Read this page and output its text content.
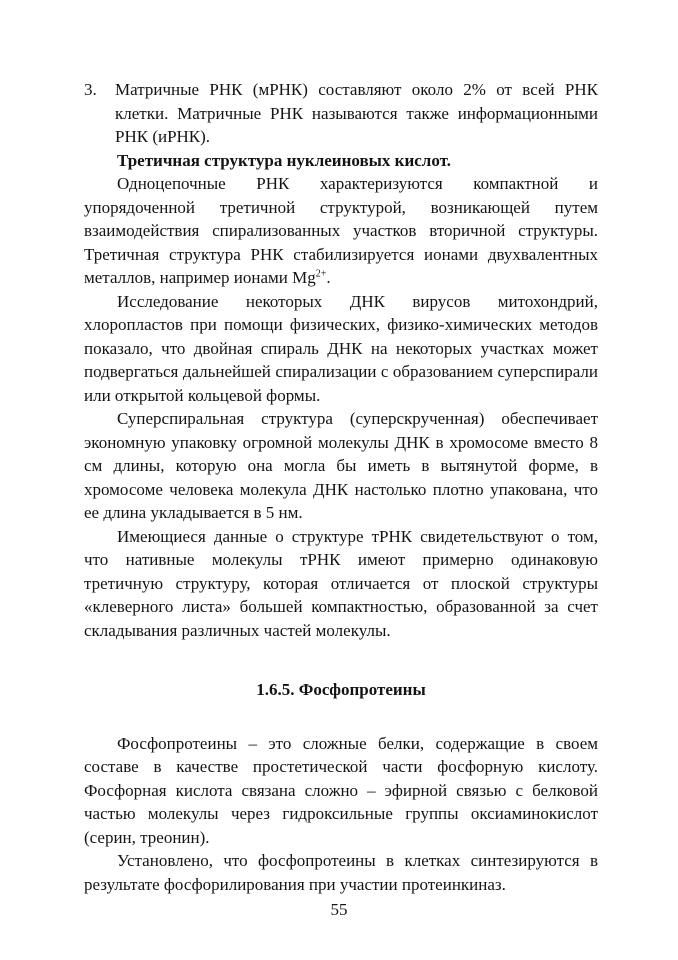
3.	Матричные РНК (мРНК) составляют около 2% от всей РНК клетки. Матричные РНК называются также информационными РНК (иРНК).

Третичная структура нуклеиновых кислот.

Одноцепочные РНК характеризуются компактной и упорядоченной третичной структурой, возникающей путем взаимодействия спирализованных участков вторичной структуры. Третичная структура РНК стабилизируется ионами двухвалентных металлов, например ионами $Mg^{2+}$.

Исследование некоторых ДНК вирусов митохондрий, хлоропластов при помощи физических, физико-химических методов показало, что двойная спираль ДНК на некоторых участках может подвергаться дальнейшей спирализации с образованием суперспирали или открытой кольцевой формы.

Суперспиральная структура (суперскрученная) обеспечивает экономную упаковку огромной молекулы ДНК в хромосоме вместо 8 см длины, которую она могла бы иметь в вытянутой форме, в хромосоме человека молекула ДНК настолько плотно упакована, что ее длина укладывается в 5 нм.

Имеющиеся данные о структуре тРНК свидетельствуют о том, что нативные молекулы тРНК имеют примерно одинаковую третичную структуру, которая отличается от плоской структуры «клеверного листа» большей компактностью, образованной за счет складывания различных частей молекулы.

1.6.5. Фосфопротеины

Фосфопротеины – это сложные белки, содержащие в своем составе в качестве простетической части фосфорную кислоту. Фосфорная кислота связана сложно – эфирной связью с белковой частью молекулы через гидроксильные группы оксиаминокислот (серин, треонин).

Установлено, что фосфопротеины в клетках синтезируются в результате фосфорилирования при участии протеинкиназ.

55
